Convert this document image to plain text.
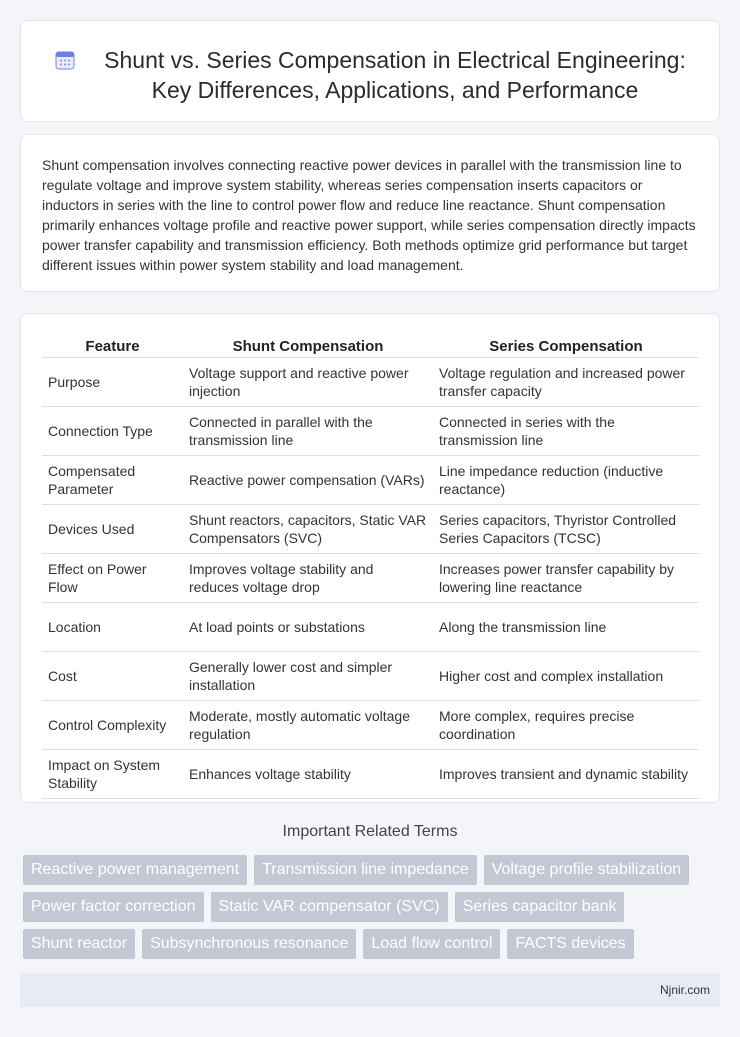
Shunt vs. Series Compensation in Electrical Engineering: Key Differences, Applications, and Performance

Shunt compensation involves connecting reactive power devices in parallel with the transmission line to regulate voltage and improve system stability, whereas series compensation inserts capacitors or inductors in series with the line to control power flow and reduce line reactance. Shunt compensation primarily enhances voltage profile and reactive power support, while series compensation directly impacts power transfer capability and transmission efficiency. Both methods optimize grid performance but target different issues within power system stability and load management.

Feature	Shunt Compensation	Series Compensation
Purpose	Voltage support and reactive power injection	Voltage regulation and increased power transfer capacity
Connection Type	Connected in parallel with the transmission line	Connected in series with the transmission line
Compensated Parameter	Reactive power compensation (VARs)	Line impedance reduction (inductive reactance)
Devices Used	Shunt reactors, capacitors, Static VAR Compensators (SVC)	Series capacitors, Thyristor Controlled Series Capacitors (TCSC)
Effect on Power Flow	Improves voltage stability and reduces voltage drop	Increases power transfer capability by lowering line reactance
Location	At load points or substations	Along the transmission line
Cost	Generally lower cost and simpler installation	Higher cost and complex installation
Control Complexity	Moderate, mostly automatic voltage regulation	More complex, requires precise coordination
Impact on System Stability	Enhances voltage stability	Improves transient and dynamic stability
Important Related Terms
Reactive power management	Transmission line impedance	Voltage profile stabilization
Power factor correction	Static VAR compensator (SVC)	Series capacitor bank
Shunt reactor	Subsynchronous resonance	Load flow control	FACTS devices
Njnir.com
